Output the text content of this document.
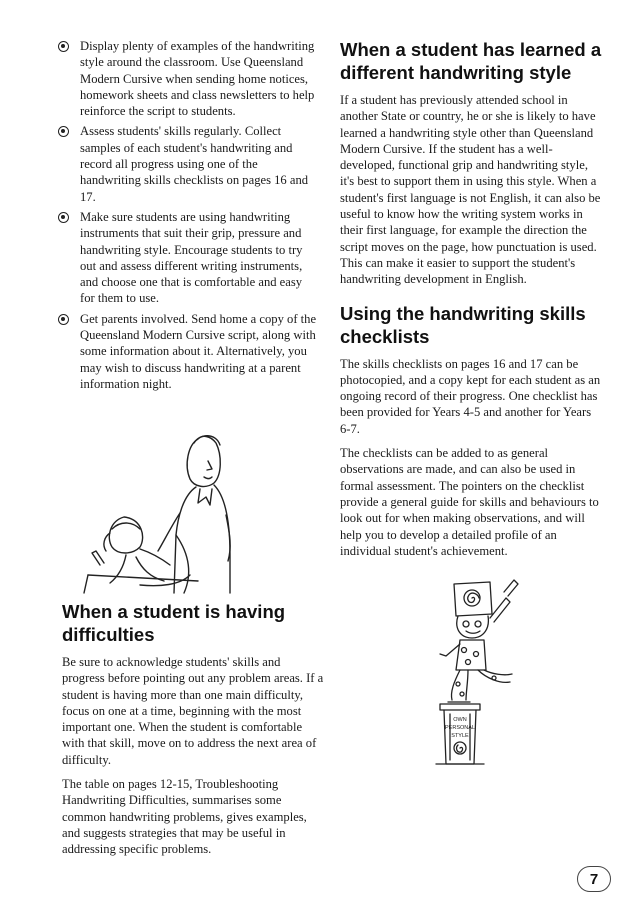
Display plenty of examples of the handwriting style around the classroom. Use Queensland Modern Cursive when sending home notices, homework sheets and class newsletters to help reinforce the script to students.
Assess students' skills regularly. Collect samples of each student's handwriting and record all progress using one of the handwriting skills checklists on pages 16 and 17.
Make sure students are using handwriting instruments that suit their grip, pressure and handwriting style. Encourage students to try out and assess different writing instruments, and choose one that is comfortable and easy for them to use.
Get parents involved. Send home a copy of the Queensland Modern Cursive script, along with some information about it. Alternatively, you may wish to discuss handwriting at a parent information night.
When a student is having difficulties

Be sure to acknowledge students' skills and progress before pointing out any problem areas. If a student is having more than one main difficulty, focus on one at a time, beginning with the most important one. When the student is comfortable with that skill, move on to address the next area of difficulty.

The table on pages 12-15, Troubleshooting Handwriting Difficulties, summarises some common handwriting problems, gives examples, and suggests strategies that may be useful in addressing specific problems.

When a student has learned a different handwriting style

If a student has previously attended school in another State or country, he or she is likely to have learned a handwriting style other than Queensland Modern Cursive. If the student has a well-developed, functional grip and handwriting style, it's best to support them in using this style. When a student's first language is not English, it can also be useful to know how the writing system works in their first language, for example the direction the script moves on the page, how punctuation is used. This can make it easier to support the student's handwriting development in English.

Using the handwriting skills checklists

The skills checklists on pages 16 and 17 can be photocopied, and a copy kept for each student as an ongoing record of their progress. One checklist has been provided for Years 4-5 and another for Years 6-7.

The checklists can be added to as general observations are made, and can also be used in formal assessment. The pointers on the checklist provide a general guide for skills and behaviours to look out for when making observations, and will help you to develop a detailed profile of an individual student's achievement.

OWN
PERSONAL
STYLE
7
